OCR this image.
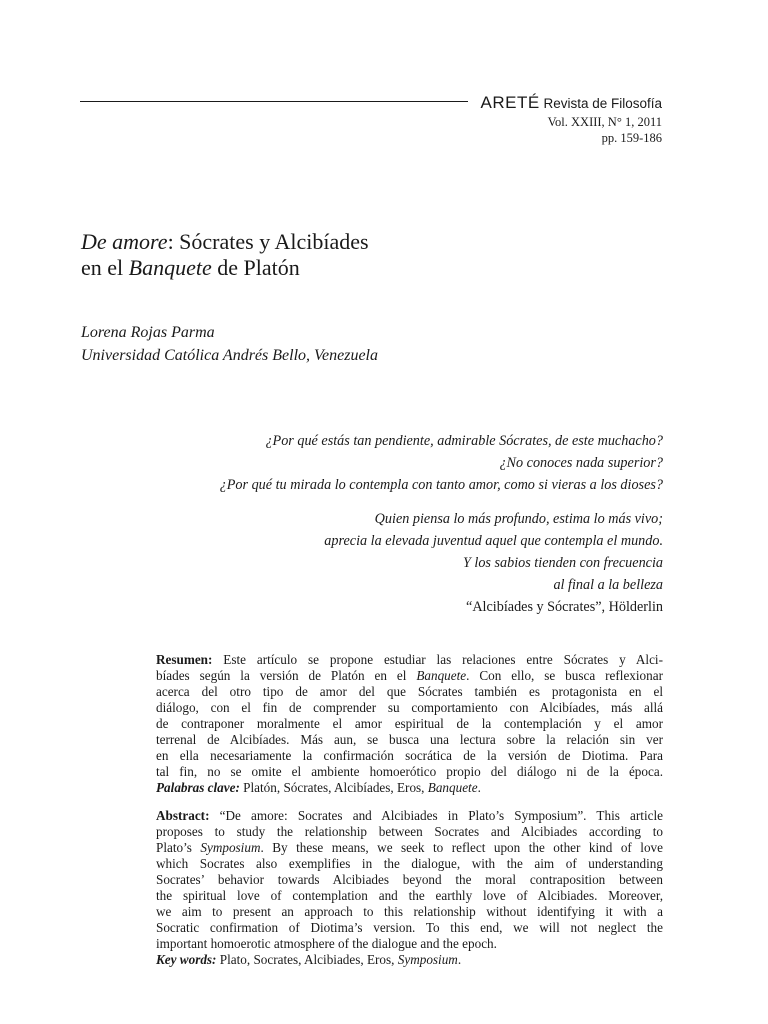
ARETÉ Revista de Filosofía
Vol. XXIII, N° 1, 2011
pp. 159-186
De amore: Sócrates y Alcibíades
en el Banquete de Platón
Lorena Rojas Parma
Universidad Católica Andrés Bello, Venezuela
¿Por qué estás tan pendiente, admirable Sócrates, de este muchacho?
¿No conoces nada superior?
¿Por qué tu mirada lo contempla con tanto amor, como si vieras a los dioses?
Quien piensa lo más profundo, estima lo más vivo;
aprecia la elevada juventud aquel que contempla el mundo.
Y los sabios tienden con frecuencia
al final a la belleza
“Alcibíades y Sócrates”, Hölderlin
Resumen: Este artículo se propone estudiar las relaciones entre Sócrates y Alci-
bíades según la versión de Platón en el Banquete. Con ello, se busca reflexionar
acerca del otro tipo de amor del que Sócrates también es protagonista en el
diálogo, con el fin de comprender su comportamiento con Alcibíades, más allá
de contraponer moralmente el amor espiritual de la contemplación y el amor
terrenal de Alcibíades. Más aun, se busca una lectura sobre la relación sin ver
en ella necesariamente la confirmación socrática de la versión de Diotima. Para
tal fin, no se omite el ambiente homoerótico propio del diálogo ni de la época.
Palabras clave: Platón, Sócrates, Alcibíades, Eros, Banquete.
Abstract: “De amore: Socrates and Alcibiades in Plato’s Symposium”. This article
proposes to study the relationship between Socrates and Alcibiades according to
Plato’s Symposium. By these means, we seek to reflect upon the other kind of love
which Socrates also exemplifies in the dialogue, with the aim of understanding
Socrates’ behavior towards Alcibiades beyond the moral contraposition between
the spiritual love of contemplation and the earthly love of Alcibiades. Moreover,
we aim to present an approach to this relationship without identifying it with a
Socratic confirmation of Diotima’s version. To this end, we will not neglect the
important homoerotic atmosphere of the dialogue and the epoch.
Key words: Plato, Socrates, Alcibiades, Eros, Symposium.
